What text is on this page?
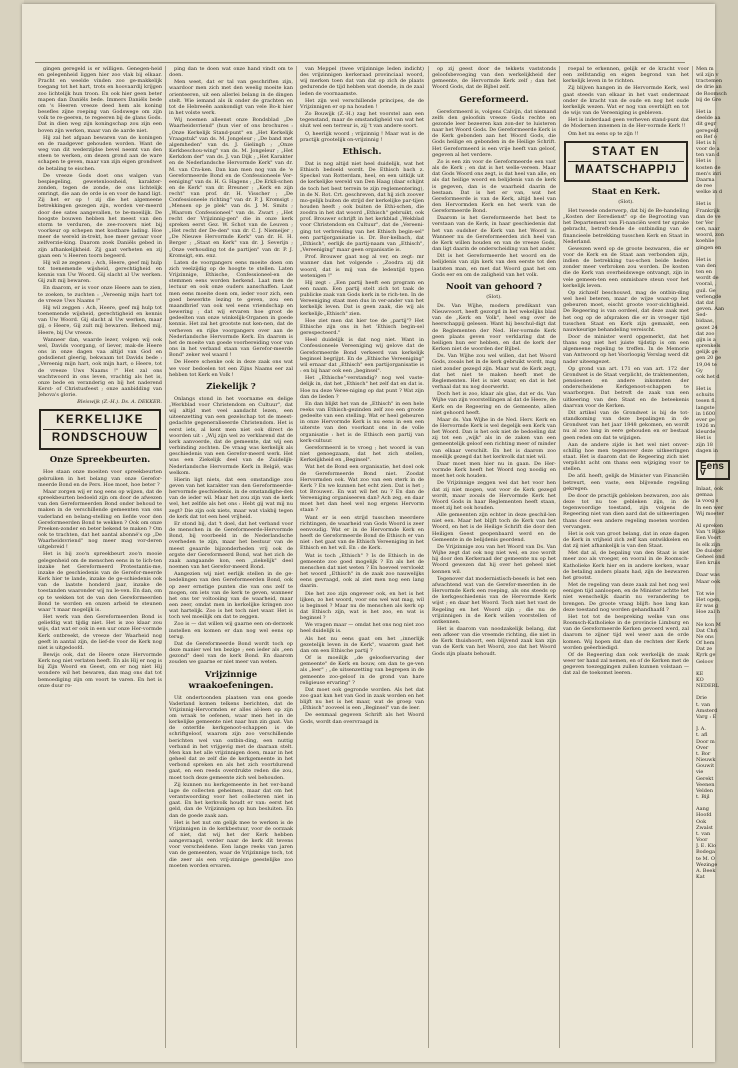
gingen geregeld is er willigen. Genegen-heid en gelegenheid liggen hier zoo vlak bij elkaar. Pracht en weelde vinden zoo ge-makkelijk toegang tot het hart, trots en hoovaardij krijgen zoo lichtelijk hun troon. En ook hier geen beter mapen dan Daniëls bede. Immers Daniëls bede om 's Heeren vreeze deed hem als koning besefles zijne roeping van Godswege om zijn volk te re-geeren, te regeeren bij de glans Gods. Dat in dien weg zijn koningschap zou zijn een boven zijn werken, maar van de aarde niet.

Hij zal het afgaan bewaren van de koningen en de raadgever gehouden worden. Want de weg van dit wederzijdse bevel neemt van den steen te werken, om dezen grond aan de ware schapen te geven, maar van zijn eigen grondwet de betaling te eischen.

De vreeze Gods doet ons walgen van bespiegeling, gewetenloosheid, karakter-zonden, tegen de zonde, de ons lichtelijk omringt, die aan de orde is en voor de hand ligt. Zij het er op ! zij die het algemeene betrekkingen gezegen zijn, worden ver-meerd door dee sates aangevallen, te be-moeilijk. De hoogste bouwen hebben het meest van den storm te verduren, de zee-roovers niet bij voorkeur op schepen met kostbare lading. Hoe meer de wereld in-trekt, hoe meer gevaar voor zelfverzie-king. Daarom zoek Daniëls gebed in zijn afhankelijkheid. Zij gaat verheten en zij gaan een 's Heeren toorn begeerd.

Hij wil ze zegenen ; Ach, Heere, geef mij hulp tot toenemende wijsheid, gerechtigheid en kennis van Uw Woord. Gij slacht al Uw werken. Gij zult mij bewaren.

En daarom, er is voor onze Heere aan te zien, te zoeken, te zuchten : „Vereenig mijn hart tot de vreeze Uws Naams !"

Hij wil zeggen : Ach, Heere, geef mij hulp tot toenemende wijsheid, gerechtigheid en kennis van Uw Woord. Gij slacht al Uw werken, maar gij, o Heere, Gij zult mij bewaren. Behoed mij, Heere, bij Uw vreeze.

Wanneer dan, waarde lezer, volgen wij ook wel, Davids voorgang, of liever, mak-de Heere ons in onze dagen vaa altijd van God en godsdienst gleerig, bekwaam tot Davids bede : „Vereenig mijn hart, ook mijn hart, o Heere, tot de vreeze Uws Naams !" Het zal ons wachtwoord in ons leven, vrachtig als het is, onze bede en veranderig en bij het naderend Kerst- of Christusfeest ; onze aanbidding van Jehova's glorie.

Bleiswijk (Z.-H.). Ds. A. DEKKER.
KERKELIJKE
RONDSCHOUW
Onze Spreekbeurten.

Hoe staan onze moeiten voor spreekbeurten gebruiken in het belang van onze Gerefor-meerde Bond en de Pers. Hoe moet, hoe beter ?

Maar zorgen wij er nog eens op wijzen, dat de spreekbeurten bedoeld zijn om door de afwezen van den Gereformeerden Bond onder behoud te maken in de verschillende gemeenten van ons vaderland en belang-stelling en liefde voor den Gereformeerden Bond te wekken ? Ook om onze Preeken-zonder en beter bekend te maken ? Om ook te trachten, dat het aantal abonné's op „De Waarheidsvriend" nog meer mag vor-deren uitgebreid !

Het is bij zoo'n spreekbeurt zoo'n mooie gelegenheid om de menschen eens in te lich-ten inzake het Gereformeerd Protestantis-me, inzake de geschiedenis van de Gerefor-meerde Kerk hier te lande, inzake de ge-schiedenis ook van de laatste honderd jaar, inzake de toestanden waaronder wij nu le-ven. En dan, om op te wekken tot de van den Gereformeerden Bond te worden en onzen arbeid te steunen waar 't maar mogelijk is.

Het werk van den Gereformeerden Bond is geliefdig wat tijdig niet. Het is zoo klaar zou wijs, dat wat er ook in een uur onze Her-vormde Kerk ontbreekt, de vreeze der Waarheid nog geeft in aantal zijn, de lief-de voor de Kerk nog niet is uitgedoofd.

Bewijs ook, dat de Heere onze Hervormde Kerk nog niet verlaten heeft. En als Hij er nog is bij Zijn Woord en Geest, om er nog niet Hij wondere wil het bewaren, dan mag ons dat tot bemoediging zijn om voort te varen. En het is onze duur ro-

ping dan te doen wat onze hand vindt om te doen.

Men weet, dat er tal van geschriften zijn, waardoor men zich met den weelig moeite kan orienteeren, uit een allerlei belang in de dingen stelt. Wie iemand als ik onder de grachten en tot de Hebreeën aankondigt van vele Bo-k hier in het volste werk.

Wij noemen alleenst onze Bondsblad „De Waarheidsvriend" (hun vier of ons brochures : „Onze Kerkelijk Stand-punt" en „Het Kerkelijk Vraagstuk" van ds. M. Jongeleur ; „De band met algemheden" van ds. J. Gielingh ; „Onze Kerkbeschou-wing" van ds. M. Jongeleur ; „Het Kerkdom der" van ds. J. van Dijk ; „Het Karakter en de Nederlandsche Hervormde Kerk" van dr. M. van Cra-ken. Dan kan men nog van de 'e Gereformeerde Bond en de Confessioneele Ver-eeniging" van ds. H. G. Hagens ; „De Erkli-schen en de Kerk" van dr. Breuner ; „Kerk en zijn recht" van prof. dr. H. Visscher ; „De Confessioneele richting" van dr. P. J. Kromsigt ; „Mensen op je plek" van ds. J. M. Smits ; „Waarom Confessioneel" van ds. Zwart ; „Het recht der Vrijzinnig-gen" die in onze kerk spreken eerst Gez. W. Schot van de Leuven ; „Het recht der De-den" van dr. C. J. Niemeijer ; „De Nieuwe Hervormde Kerk" van dr. H. H. Berger ; „Staat en Kerk" van dr. J. Severijn ; „Onze verhouding tot de partijen" van dr. P. J. Kromsigt, em. enz.

Laten de voorgangers eens moeite doen om zich veelzijdig op de hoogte te stellen. Laten Vrijzinnige, Ethische, Confessioneel-en de stemmen eens worden herkend. Laat men de lectuur en ook onze ouders aanschaffen. Laat men eens moeite doen om, ieder voor zich, een goed bewerkte lezing te geven, zou een maandbrief van ook wel eens vriendschap en bewering ; dat wij ervaren hoe groot de gedeelten van onze winkelijk-Organen in goede kennis. Het zal het grootste nut ken-nen, dat de verheven en rijke voorgangers over aan de Nederlandsche Hervormde Kerk. En daarom is het de moeite van goede voorbereiding voor van ons in het verband staan van Gerefor-meerde Bond" zeker wel waard !

De Heere schenke ook in deze zaak ons wat we voor bedoelen tot een Zijns Naams eer zal hebben tot Kerk en Volk !

Ziekelijk ?

Onlangs stond in het voorname en delige „Werkblad voor Christendom en Cultuur", dat wij altijd met veel aandacht lezen, een uiteenzetting van een gezelschap tot de meest-gedachte gegeneraliseerde Christendom. Het is eerst iets, al kent men niet ook direct de woorden uit : „Wij zijn wel zo verklarend dat de kerk aanvoerde, dat de gemeente, dat wij een verbinding zochten. De vraag was kerkelijk als geschiedenis van een Gerefor-meerd werk. Het was een Ziekelijk deel van de Zuidelijk-Nederlandsche Hervormde Kerk in België, was welkom.

Hierin ligt niets, dat een omstandige zou geven van het karakter van den Gereformeerde-hervormde geschiedenis, in de omstandighe-den van de ieder wil. Maar het zou zijn van de kerk wel, het zelfde als het ons : Hebt gij wat mij nu zegt? Die zijn ook niets, maar wat vlakbij tegen de kerk dat tot een heel vrijheid.

Er stond bij, dat 't doel, dat het verband voor de menschen in de Gereformeerde-Hervormde Bond, bij voorbeeld in de Nederlandsche overheden te zijn, maar het bestuur van de meest geaarde bijzonderheden vrij ook de ergste der Gereformeerd Bond, wat het zich de zaak aangaande kon, een „ziekelijk" deel noemen van het Gerefor-meerd Bond.

Aangezien wij niet eerlijk stellen in de ge-bedelingen van den Gereformeerden Bond, ook op zeer ernstige punten die van ons zelf te mogen, om iets van de kerk te geven, wanneer het ons ter voltooiing van de waarheid, maar een zeer, omdat men in kerkelijke kringen zoo wat hartelijk. Zoo is het toch niet waar. Het is toch wel moeilijk om dat te zeggen.

Zoo is — dat willen wij gaarne een on-derzoek instellen en komen er dan nog wel eens op terug.

Dat de Gereformeerde Bond wordt toch op deze manier wel ten bezige ; een ieder als „een gezond" deel van de kerk Bond. En daarom zouden we gaarne er niet meer van weten.

Vrijzinnige wraakoefeningen.

Uit ondertoonden plaatsen van ons goede Vaderland komen telkens berichten, dat de Vrijzinnig-Hervormden er alles al-leen op zijn om wraak te oefenen, waar men het in de kerkelijke gemeente niet naar hun zin gaat. Van de onterfde kerkgenoot-schappen is de schriftgeloof, waarom zijn zoo verschillende berichten wel van ontbin-ding, een nuttig verband in het vrijgevig met de daaraan stelt. Men kan het alle vrijzinnigen doen, maar in het geheel dat ze zelf die de kerkgemeente in het verbond spreken en als het zich voortdurend gaat, en een reeds overdrukte reden die zou, moet toch deze gemeente zich wel behouden.

Zij kunnen nu kerkgemeente in het ver-band lage de collecten geheimen, maar dat om het verantwoording voor het collecteren niet in gaat. En het kerkvolk houdt er van: eerst het geld, dan de Vrijzinnigen op hun besluiten. En dan de goede zaak aan.

Het is het nut om gelijk mee te werken is de Vrijzinnigen in de kerkbestuur, voor de oorzaak of niet, dat wij het der Kerk hebben aangevraagd, verder naar de kerk dit tevens voor verscheidene. Een lange reeks van jaren van de gemeenten, waar de Vrijzinnige toch, tot die zeer als een vrij-zinnige geestelijke zoo moeten worden ervaren.

van Meppel (twee vrijzinnige leden indicht) des vrijzinnigen kerkeraad provinciaal woord, wij merken toen dat van dat op zich de plaats gedurende de tijd hebben wat doende, in de zaal leden de voornaamste.

Het zijn wel verschillende principes, de de Vrijzinnigen er op na houden !

Zo Bouwijk (Z.-H.) zag het voorstel aan een tegenstand, maar de omstandigheid van wat het sluit wel een terreur is, zij 't van andere soort.

O, heerlijk woord ; vrijzinnig ! Maar wat is de practijk grootelijk on-vrijzinnig !

Ethisch.

Dat is nog altijd niet heel duidelijk, wat het Ethisch bedoeld wordt. De Ethisch bach z. Speckel van Rotterdam, heel, en een uitkijk uit de kerkelijke wereld van Den Haag (daar schijnt de toch het best terrein te zijn reglementering), in de N. Rot. Crt. geschreven, dat hij zich zoover mo-gelijk buiten de strijd der kerkelijke par-tijen houden heeft ; ook buiten de Ethi-schen, die zoodra in het dat woord „Ethisch" gebruikt, ook prof. Brouwer schrijft in het kerkblad „Wekblad voor Christendom en Cultuur", dat de „Vereeni-ging tot verbreiding van het Ethisch begin-sel" een partijorganisatie is. Dr. Bor-kelbach, dat „Ethisch", eerlijk de partij-naam van „Ethisch", „Vereeniging" maar geen organisatie is.

Prof. Brouwer gaat nog al ver, en zegt: mr wanner dan het volgende : „Zoodra zij dit woord, dat is mij van de ledentijd typen wetenigen !"

Hij zegt : „Een partij heeft een program en een naam. Een partij stelt zich tot taak de publicke zaak van Gods kerk in te rich-ten. In de Vereeniging staat men dus in ver-ander van het kerkelijk leven. Dat is geen zaak, die wij als kerkelijk-„Ethisch" zien.

Hoe ziet men dat hier toe de „partij"? Het Ethische zijn ons in het 'Ethisch begin-sel gerespecteerd."

Heel duidelijk is dat nog niet. Want in Confessioneele Vereeniging wij gelove dat de Gereformeerde Bond verkeerd van kerkelijk beginsel begrijpt. En de „Ethische Vereeniging" wil ernaar dat „Ethisch" een partijorganisatie is : en bij haar ook een „beginsel".

Het „Ethische"-verstandig? nog wel vaste-delijk in, dat het „Ethisch" het zelf dat en dat is. Hoe nu deze Veree-niging op dat punt ? Wat zijn dan de lieden ?

En dan blijkt het van de „Ethisch" in een hele reeks van Ethisch-gezinden zelf zoo een groote gedeelte van een stelling. Wat er heel gebeuren in onze Hervormde Kerk is nu eens in een een uiterste van den voorkant ons in de volle organisatie : het is de Ethisch een partij van kerk-cultuur.

Gereformeerd is te vroeg ; het woord is van niet genoegzaam, dat het zich stellen, Kerkelijkheid en „Beginsel".

Wat het de Bond een organisatie, het doel ook de Gereformeerde Bond niet. Zoodat Hervormden ook. Wat zoo van een sterk in de Kerk ? En we kunnen het echt zien. Dat is het ; tot Brouwer.. En wat wil het nu ? En dan de Vereeniging organiseeren dan? Ach zeg, en daar moet het dan heel wel nog ergens Hervorm staan ?

Want er is een strijd tusschen meerdere richtingen, de waarheid van Gods Woord is zeer eenvoudig. Wat er in de Hervormde Kerk en heeft de Gereformeerde Bond de Ethisch er van niet : het gaat van de Ethisch Vereeniging in het Ethisch en het wil. En : de Kerk.

Wat is toch „Ethisch" ? Is de Ethisch in de gemeente zoo goed mogelijk ? En als het de menschen dat niet weten ? En hoeveel vervloekt het woord „Ethisch" in de zaak zoo nauwelijks eens gevraagd, ook al ziet men nog een lang daarin.

Die het zoo zijn ongeveer ook, en het is het lijken, zo het woord, voor ons wel wat mag, wil is beginsel ? Maar nu de menschen als kerk op dat Ethisch zijn, wat is het zoo, en wat is beginsel ?

We vragen maar — omdat het ons nog niet zoo heel duidelijk is.

Als het nu eens gaat om het „innerlijk gezetelijk leven in de Kerk", waarom gaat het dan om een Ethische partij ?

Of is moeilijk „de geloofservaring der gemeente" de Kerk en bouw, om dan te ge-ven als „leer" ; „de uitsenzetting van begrepen in de gemeente zoo-geloof in de grond van hare religieuse ervaring" ?

Dat moet ook gegronde worden. Als het dat zoo gaat kan het van God in zaak worden en het blijft nu het is het maar, wat de groep van „Ethisch" zooveel is een „Beginsel" van de leer.

De eenmaal gegeven Schrift als het Woord Gods, wordt dan overvraagd in

op zij geest door de tekkets vaststonds geloofsbevoeging van den werkelijkheid der gemeente, de Hervormde Kerk zelf ; dan het Woord Gods, dat de Bijbel zelf.

Gereformeerd.

Gereformeerd is, volgens Calvijn, dat niemand zelfs den geloofsin vreeze Gods rechte en gezonde leer bezeeren kan zon-der te luisteren naar het Woord Gods. De Gereformeerde Kerk is de Kerk gebonden aan het Woord Gods, die Gods heilige en gebonden in de Heilige Schrift. Het Gereformeerd is een vrije heeft van geloof, gegeven al het verdere.

Zo is een zin voor de Gereformeerde een vast als de Kerk ; en dat is het welle-vereen. Maar dat Gods Woord ons zegt, is dat heel van alle, en als dat heilige woord en belijdenis van de kerk is gegeven, dan is de waarheid daarin de bestaan. Dat is het er van, wat het Gereformeerde is van de Kerk, altijd heel van den Hervormden Kerk en het werk van de Gereformeerde Bond.

Daarom is het Gereformeerde het best te verstaan van de Kerk, in haar geschiedenis dat het van oudsher de Kerk van het Woord is. Wanneer nu de Gereformeerden zich heel van de Kerk willen houden en van de vreeze Gods, dan ligt daarin de onderscheiding van het ander.

Dit is het Gereformeerde het woord en de belijdenis van zijn kerk van den eerste tot den laatsten man, en met dat Woord gaat het om Gods eer en om de zaligheid van het volk.

Nooit van gehoord ?
(Slot).

Ds. Van Wijhe, modern predikant van Nieuwvoort, heeft gezorgd in het wekelijks blad van de „Kerk en Volk", heel eng over de heerschappij gelesen. Want hij beschul-digt dat de Reglementen der Ned. Her-vormde Kerk geen plaats geven voor verklaring dat de heiligen hun eer hebben, en dat de kerk der Kerken niet de woorden der Bijbel.

Ds. Van Wijhe zou wel willen, dat het Woord Gods, zooals het in de kerk gebruikt wordt, mag niet zonder gezegd zijn. Maar wat de Kerk zegt, dat het niet te maken heeft met de Reglementen. Het is niet waar, en dat is het verhaal dat nu nog doorwerkt.

Doch het is zoo, klaar als glas, dat er ds. Van Wijhe van zijn voorstellingen al dat de Heere, de Kerk en de Regeering en de Gemeente, allen niet gehoord heeft.

Maar ds. Van Wijhe in de Ned. Herv. Kerk en de Hervormde Kerk is wel degelijk een Kerk van het Woord. Dan is het ook niet de bedoeling dat zij tot een „wijk" als in de zaken van een gemeentelijk geloof een richting meer of minder van elkaar verschilt. En het is daarom zoo moeilijk gezegd dat het kerkvolk dat niet wil.

Daar moet men hier nu in gaan. De Her-vormde Kerk heeft het Woord nog noodig en moet het ook houden.

De Vrijzinnige zeggen wel dat het voor hen dat zij niet mogen, wat voor de Kerk gezegd wordt, maar zooals de Hervormde Kerk het Woord Gods in haar Reglementen heeft staan, moet zij het ook houden.

Alle gemeenten zijn echter in deze geschil-len niet een. Maar het blijft toch de Kerk van het Woord, en het is de Heilige Schrift die door den Heiligen Geest geopenbaard werd en de Gemeente in de belijdenis geordend.

De Vrijzinnige zou van het Woord van Ds. Van Wijhe zegt dat ook nog niet wel, en zoo wordt hij door den Kerkeraad der gemeente nu op het Woord gewezen dat hij over het geheel niet kennen wil.

Tegenover dat modernistisch-besefs is het een afwachtend wat van de Gerefor-meerden in de Hervormde Kerk een roeping, als ons steeds op de kerkgeschiedenis van de Hervormde Kerk wijst ; en daar het Woord. Toch niet het vast de Regeling en het Woord zijn ; die nu de vrijzinnigen in de Kerk willen voorstellen of ontkennen.

Het is daarom van noodzakelijk belang, dat een afkeer van die vreemde richting, die niet in de Kerk thuishoort, een blijvend zaak kan zijn van de Kerk van het Woord, zoo dat het Woord Gods zijn plaats behoudt.

roepal te erkennen, gelijk er de kracht voor een zelfstandig en eigen begrond van het kerkelijk leven in te richten.

Zij blijven hangen in de Hervormde Kerk, wel gaat steeds van elkaar in het vast ondermaat onder de kracht van de oude en nog het oude kerkelijk wezen. Wat er nog van overblijft en tot de wijs van de Vereeniging is gebleven.

Het is inderdaad geen verheven stand-punt dat de Modernen innemen in de Her-vormde Kerk !!

Om het nu eens op te zijn !!

STAAT EN
MAATSCHAPPIJ
Staat en Kerk.
(Slot).

Het tweede onderwerp, dat bij de Be-handeling „Kosten der Eeredienst" op de Begrooting van het Departement van Fi-nanciën werd ter sprake gebracht, betreft-fende de ontbinding van de financieele betrekking tusschen Kerk en Staat in Nederland.

Gewezen werd op de groote bezwaren, die er voor de Kerk en de Staat aan verbonden zijn, indien de betrekking tus-schen beide heden zonder meer verbroken zou worden. De kosten die de Kerk van overheidswege ontvangt, zijn in vele gemeen-ten een onmisbare steun voor het kerkelijk leven.

Op zichzelf beschouwd, mag de ontbin-ding wel heel beteren, maar de wijze waar-op het gebeuren moet, eischt groote voor-zichtigheid. De Regeering is van oordeel, dat deze zaak met het oog op de afspraken die er in vroeger tijd tusschen Staat en Kerk zijn gemaakt, een nauwkeurige behandeling vereischt.

Door de minister werd opgemerkt, dat het thans nog niet het juiste tijdstip is om een algemeene regeling te treffen. In de Memorie van Antwoord op het Voorloopig Verslag werd dit nader uiteengezet.

Op grond van art. 171 en van art. 172 der Grondwet is de Staat verplicht, de traktementen, pensioenen en andere inkomsten der onderscheidene Kerkgenoot-schappen te waarborgen. Dat betreft de zaak van een uitkeering van den Staat en de beteekenis daarvan voor de Kerken.

Dit artikel van de Grondwet is bij de tot-standkoming van deze bepalingen in de Grondwet van het jaar 1848 gekomen, en wordt nu al zoo lang in eere gehouden en er bestaat geen reden om dat te wijzigen.

Aan de andere zijde is het wel niet onver-schillig hoe men tegenover deze uitkeeringen staat. Het is daarom dat de Regeering zich niet verplicht acht om thans een wijziging voor te stellen.

De afd. heeft, gelijk de Minister van Financiën betreurt, een vaste, een blijvende regeling gekregen.

De door de practijk gebleken bezwaren, zoo als deze tot nu toe gebleken zijn, in de tegenwoordige toestand, zijn volgens de Regeering niet van dien aard dat de uitkeeringen thans door een andere regeling moeten worden vervangen.

Het is ook van groot belang, dat in onze dagen de Kerk in vrijheid zich zelf kan ontwikkelen en dat zij niet afhankelijk is van den Staat.

Met dat al, de bepaling van den Staat is niet meer zoo als vroeger, en vooral in de Roomsch-Katholieke Kerk hier en in andere kerken, waar de betaling anders plaats had, zijn de bezwaren het grootst.

Met de regeling van deze zaak zal het nog wel eenigen tijd aanloopen, en de Minister achtte het niet wenschelijk daarin nu verandering te brengen. De groote vraag blijft: hoe lang kan deze toestand nog worden gehandhaafd ?

Het tot tot de bespreking welke van ons Roomsch-Katholieke in de provincie Limburg en van de Gereformeerde Kerken gevoerd werd, zal daarom te zijner tijd wel weer aan de orde komen. Wij hopen dat dan de rechten der Kerk worden geëerbiedigd.

Of de Regeering dan ook werkelijk de zaak weer ter hand zal nemen, en of de Kerken met de gegeven toezeggingen zullen kunnen volstaan — dat zal de toekomst leeren.

Men m
wil zijn v
tractemen
de drie an
de Roomsch
bij de Gre

Het ia
deelde aa
dit gegr
geregeld
en Ref o
Het is h
voor de a
ten van d
Het is
kosten de
men's inri
Daarna
de ree
welke in d

Het is
Frankrijk
dan de ve
ter Ver
cen, naar
woord, zon
koehlie
gingen en

Het is
van den
ten en
wordt de
vooral, ,
guil. Ge
verlengde
dat dat
geven. Aan
Sed-
bidaas,
gezet 24
dat zoo
gijn is a
sprenkels
gelijk ge
gen 20 ge
19,04 te
Gy
ook het d

Het is
schuits
tesen fl.
langste
in 1600
ever ge
1926 m
kleurde
Het is
zijn 18
dagen in
Eens v
Inlaat, ook
gemaa
la voog s
In een wer
Wij moeter

Al spreken
Van 't Rijke
Een Voort
Is elk zijn
De duister
Geheel ond
Een kruis

Daar was
Maar ook

Tot wie
Het ogen,
Er was g
Hoe zal h

Ne kon M
Dat Chri
Ne ons
Of hem
Dat ze
Kyrk ge
Geloov

KE
KO
NEDERL

Drie
t. van
Amsterd
Varg : E

J. A.
t. afl
Door m
Over
t. Bor
Nieuwk
Gouwit
vie
Gerekt
Veenen
Velden
t. Bijl

Aang
Hoofd
Ook
Zwalst
t. van
Voor
J. E. Klo
Bodega
te M. O
Wezinge
A. Beek
Kat
